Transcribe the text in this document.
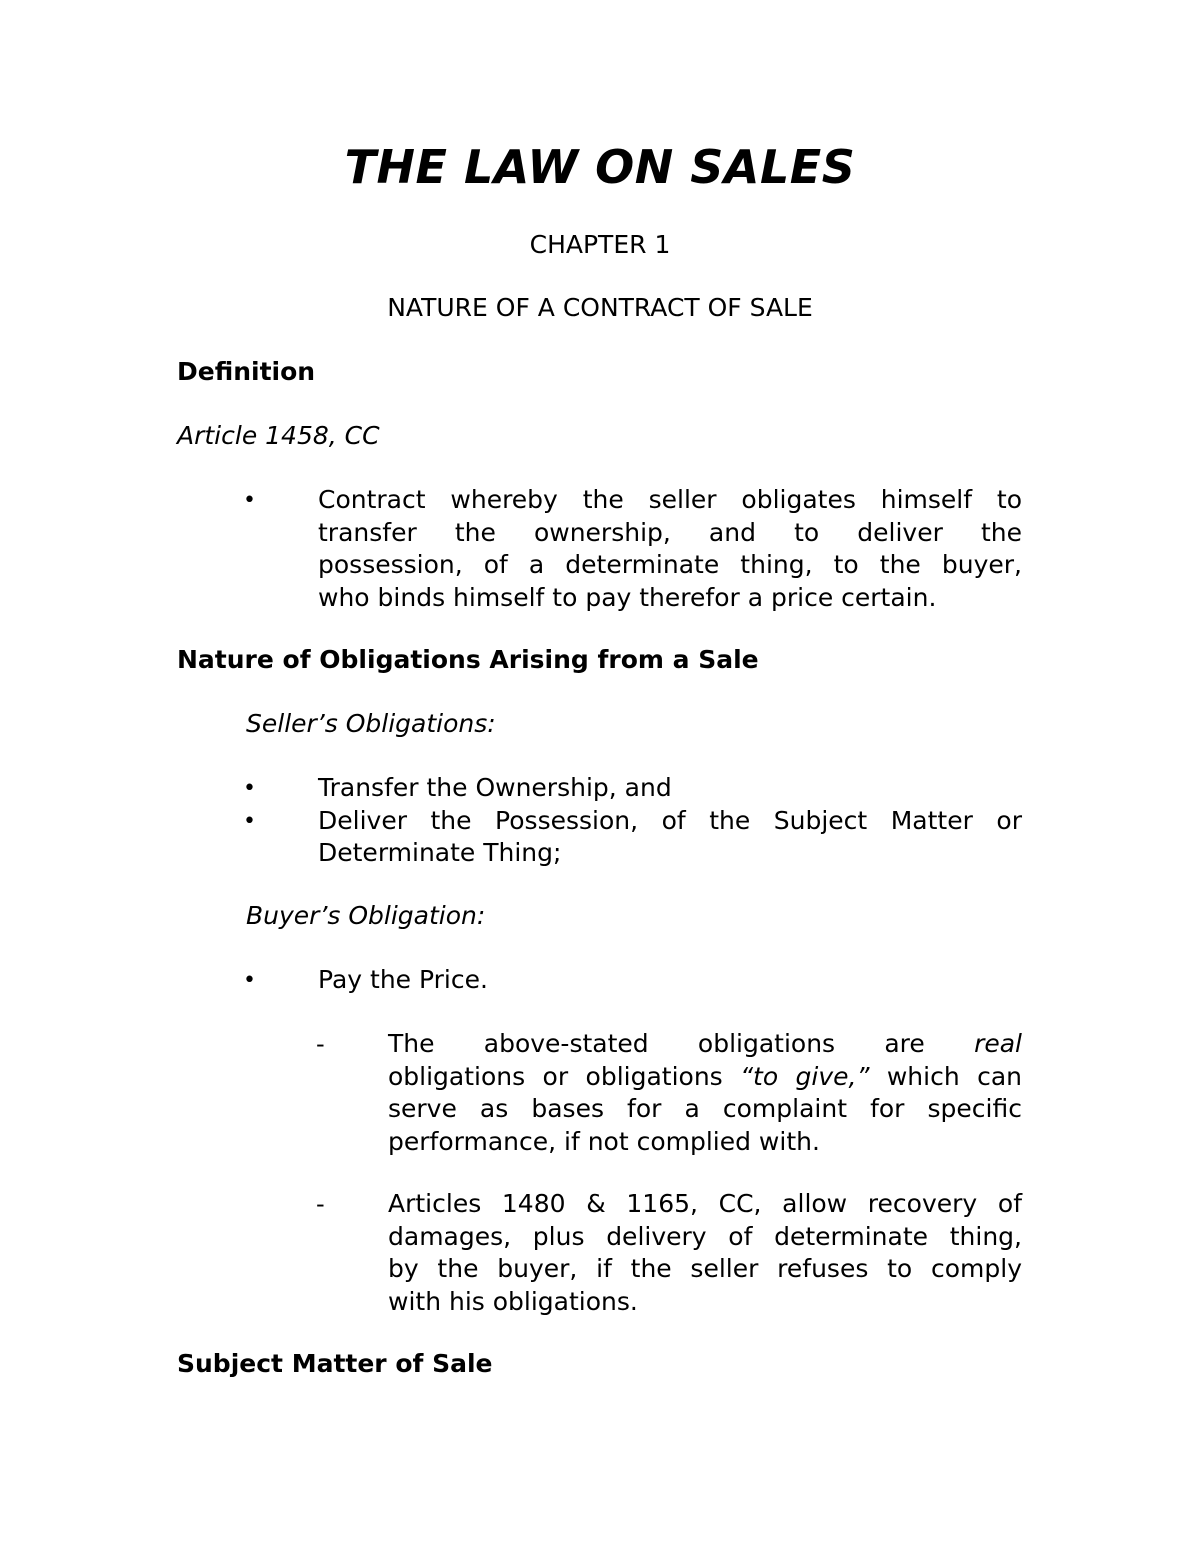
THE LAW ON SALES
CHAPTER 1
NATURE OF A CONTRACT OF SALE
Definition
Article 1458, CC
• Contract whereby the seller obligates himself to
transfer the ownership, and to deliver the
possession, of a determinate thing, to the buyer,
who binds himself to pay therefor a price certain.
Nature of Obligations Arising from a Sale
Seller’s Obligations:
•
•
Transfer the Ownership, and
Deliver the Possession, of the Subject Matter or
Determinate Thing;
Buyer’s Obligation:
• Pay the Price.
-	The above-stated obligations are real
obligations or obligations “to give,” which can
serve as bases for a complaint for specific
performance, if not complied with.
-	Articles 1480 & 1165, CC, allow recovery of
damages, plus delivery of determinate thing,
by the buyer, if the seller refuses to comply
with his obligations.
Subject Matter of Sale
